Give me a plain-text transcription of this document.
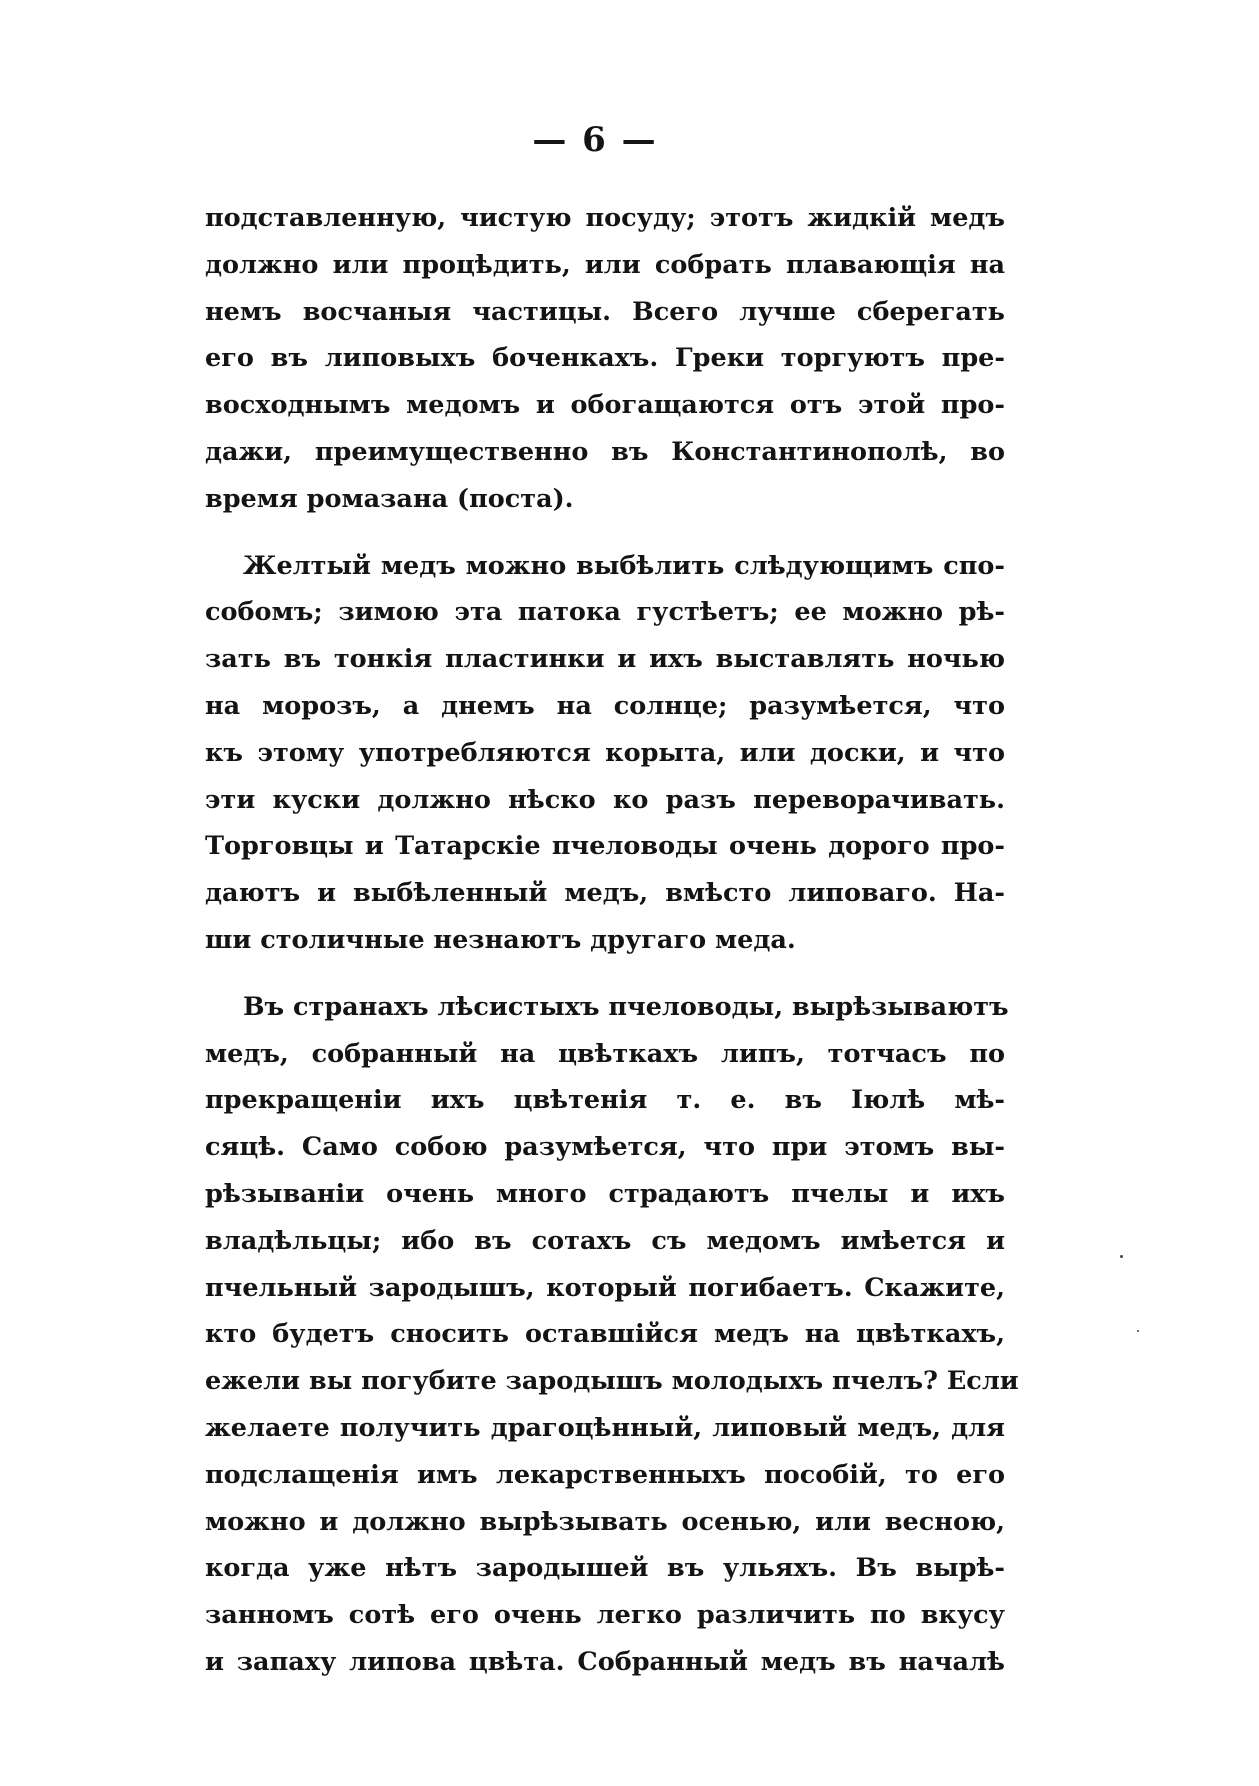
— 6 —
подставленную, чистую посуду; этотъ жидкiй медъ
должно или процѣдить, или собрать плавающiя на
немъ восчаныя частицы. Всего лучше сберегать
его въ липовыхъ боченкахъ. Греки торгуютъ пре-
восходнымъ медомъ и обогащаются отъ этой про-
дажи, преимущественно въ Константинополѣ, во
время ромазана (поста).
Желтый медъ можно выбѣлить слѣдующимъ спо-
собомъ; зимою эта патока густѣетъ; ее можно рѣ-
зать въ тонкiя пластинки и ихъ выставлять ночью
на морозъ, а днемъ на солнце; разумѣется, что
къ этому употребляются корыта, или доски, и что
эти куски должно нѣско ко разъ переворачивать.
Торговцы и Татарскiе пчеловоды очень дорого про-
даютъ и выбѣленный медъ, вмѣсто липоваго. На-
ши столичные незнаютъ другаго меда.
Въ странахъ лѣсистыхъ пчеловоды, вырѣзываютъ
медъ, собранный на цвѣткахъ липъ, тотчасъ по
прекращенiи ихъ цвѣтенiя т. е. въ Iюлѣ мѣ-
сяцѣ. Само собою разумѣется, что при этомъ вы-
рѣзыванiи очень много страдаютъ пчелы и ихъ
владѣльцы; ибо въ сотахъ съ медомъ имѣется и
пчельный зародышъ, который погибаетъ. Скажите,
кто будетъ сносить оставшiйся медъ на цвѣткахъ,
ежели вы погубите зародышъ молодыхъ пчелъ? Если
желаете получить драгоцѣнный, липовый медъ, для
подслащенiя имъ лекарственныхъ пособiй, то его
можно и должно вырѣзывать осенью, или весною,
когда уже нѣтъ зародышей въ ульяхъ. Въ вырѣ-
занномъ сотѣ его очень легко различить по вкусу
и запаху липова цвѣта. Собранный медъ въ началѣ
